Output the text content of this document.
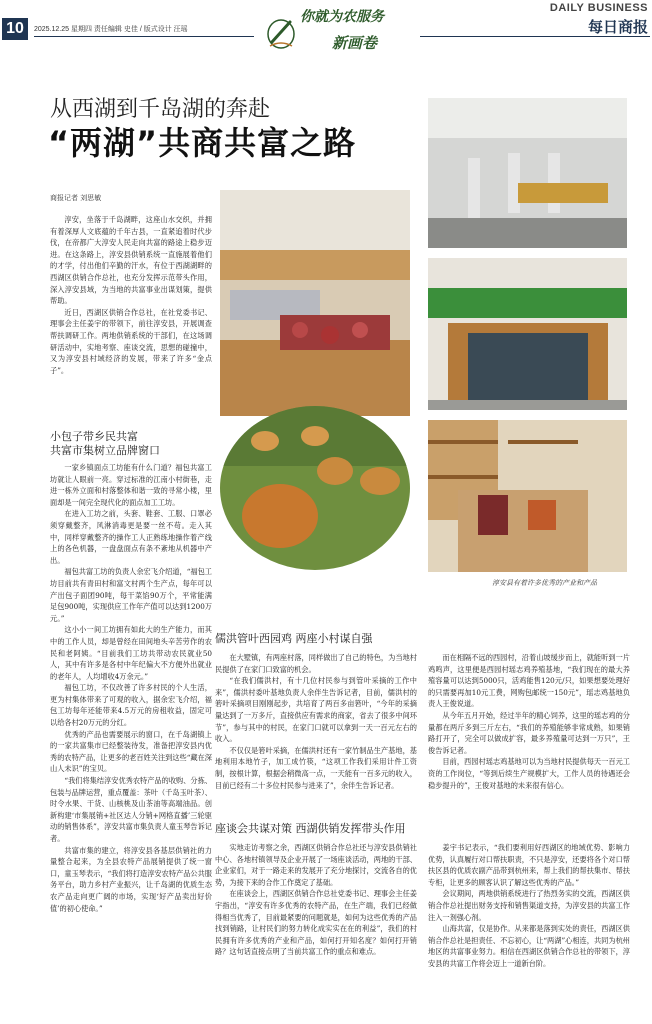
10	2025.12.25 星期四 责任编辑 史佳 / 版式设计 汪瑶
你就为农服务
新画卷
DAILY BUSINESS
每日商报
从西湖到千岛湖的奔赴
“两湖”共商共富之路
商报记者 刘思敏

淳安，坐落于千岛湖畔，这座山水交织，并拥有着深厚人文底蕴的千年古县，一直紧追着时代步伐，在帝都广大淳安人民走向共富的路途上稳步迈进。在这条路上，淳安县供销系统一直施展着他们的才学，付出他们辛勤的汗水，有位于西湖湖畔的西湖区供销合作总社，也充分发挥示范带头作用，深入淳安县域，为当地的共富事业出谋划策，提供帮助。

近日，西湖区供销合作总社，在社党委书记、理事会主任姜宇的带领下，前往淳安县，开展调查帮扶调研工作。两地供销系统的干部们，在这场调研活动中，实地考察、座谈交流，思想的碰撞中，又为淳安县村域经济的发展，带来了许多“金点子”。

小包子带乡民共富
共富市集树立品牌窗口

一家乡镇面点工坊能有什么门道？福包共富工坊就让人眼前一亮。穿过标准的江南小村街巷，走进一栋外立面和村落整体和谐一致的寻常小楼，里面却是一间完全现代化的面点加工工坊。

在进入工坊之前，头套、鞋套、工服、口罩必须穿戴整齐，风淋消毒更是要一丝不苟。走入其中，同样穿戴整齐的操作工人正熟练地操作着产线上的各色机器，一盘盘面点有条不紊地从机器中产出。

福包共富工坊的负责人余宏飞介绍道，“福包工坊目前共有青田村和富文村两个生产点，每年可以产出包子面团90吨，每干菜馅90万个，平常能满足包900吨，实现供应工作年产值可以达到1200万元。”

这小小一间工坊拥有如此大的生产能力，而其中的工作人员，却是曾经在田间地头辛苦劳作的农民和老阿姨。“目前我们工坊共带动农民就业50人，其中有许多是各村中年纪偏大不方便外出就业的老年人，人均增收4万余元。”

福包工坊，不仅改善了许多村民的个人生活，更为村集体带来了可观的收入，据余宏飞介绍，福包工坊每年还能带来4.5万元的房租收益，固定可以给各村20万元的分红。

优秀的产品也需要展示的窗口，在千岛湖镇上的一家共富集市已经整装待发，准备把淳安县内优秀的农特产品，让更多的老百姓关注到这些“藏在深山人未识”的宝贝。

“我们将集结淳安优秀农特产品的收购、分拣、包装与品牌运营，重点覆盖：茶叶（千岛玉叶茶）、时令水果、干货、山核桃及山茶油等高端油品。创新构建‘市集展销+社区达人分销+网格直播’三轮驱动的销售体系”，淳安共富市集负责人童玉琴告诉记者。

共富市集的建立，将淳安县各基层供销社的力量整合起来，为全县农特产品展销提供了统一窗口，童玉琴表示，“我们将打造淳安农特产品公共服务平台，助力乡村产业振兴，让千岛湖的优质生态农产品走向更广阔的市场，实现‘好产品卖出好价值’的初心使命。”

淳安县有着许多优秀的产业和产品
儒洪管叶西园鸡 两座小村谋自强

在大墅镇，有两座村落，同样做出了自己的特色，为当地村民提供了在家门口致富的机会。

“在我们儒洪村，有十几位村民参与到管叶采摘的工作中来”，儒洪村委叶基地负责人余伴生告诉记者，目前，儒洪村的箬叶采摘项目刚刚起步，共培育了两百多亩箬叶，“今年的采摘量达到了一万多斤，直接供应有需求的商家，省去了很多中间环节”，参与其中的村民，在家门口就可以拿到一天一百元左右的收入。

不仅仅是箬叶采摘，在儒洪村还有一家竹制品生产基地，基地利用本地竹子，加工成竹筷，“这项工作我们采用计件工资制，按根计算，根据会稍微高一点，一天能有一百多元的收入，目前已经有二十多位村民参与进来了”，余伴生告诉记者。

而在相隔不远的西园村，沿着山坡缓步而上，就能听到一片鸡鸣声，这里便是西园村瑶志鸡养殖基地，“我们现在的最大养殖容量可以达到5000只，活鸡能售120元/只，如果想要处理好的只需要再加10元工费，网购包邮统一150元”，瑶志鸡基地负责人王俊说道。

从今年五月开始，经过半年的精心饲养，这里的瑶志鸡的分量都在两斤多到三斤左右，“我们的养殖能够非常成熟，如果销路打开了，完全可以做成扩容，最多养殖量可达到一万只”，王俊告诉记者。

目前，西园村瑶志鸡基地可以为当地村民提供每天一百元工资的工作岗位，“等到后续生产规模扩大，工作人员的待遇还会稳步提升的”，王俊对基地的未来很有信心。

座谈会共谋对策 西湖供销发挥带头作用

实地走访考察之余，西湖区供销合作总社还与淳安县供销社中心、各地村镇领导及企业开展了一场座谈活动，两地的干部、企业家们，对于一路走来的发展开了充分地探讨，交流各自的优势，为接下来的合作工作奠定了基础。

在座谈会上，西湖区供销合作总社党委书记、理事会主任姜宇指出，“淳安有许多优秀的农特产品，在生产端，我们已经做得相当优秀了，目前最紧要的问题就是，如何为这些优秀的产品找到销路，让村民们的努力转化成实实在在的利益”，我们的村民拥有许多优秀的产业和产品，如何打开知名度？如何打开销路？这句话直接点明了当前共富工作的重点和难点。

姜宇书记表示，“我们要利用好西湖区的地域优势、影响力优势，认真履行对口帮扶职责，不只是淳安，还要将各个对口帮扶区县的优质农副产品带到杭州来，帮上我们的帮扶集市、帮扶专柜，让更多的顾客认识了解这些优秀的产品。”

会议期间，两地供销系统进行了热烈务实的交流，西湖区供销合作总社提出财务支持和销售渠道支持，为淳安县的共富工作注入一剂强心剂。

山海共富，仅是协作。从来都是落到实处的责任，西湖区供销合作总社是担责任、不忘初心，让“两湖”心相连，共同为杭州地区的共富事业努力。相信在西湖区供销合作总社的带领下，淳安县的共富工作将会迈上一道新台阶。
